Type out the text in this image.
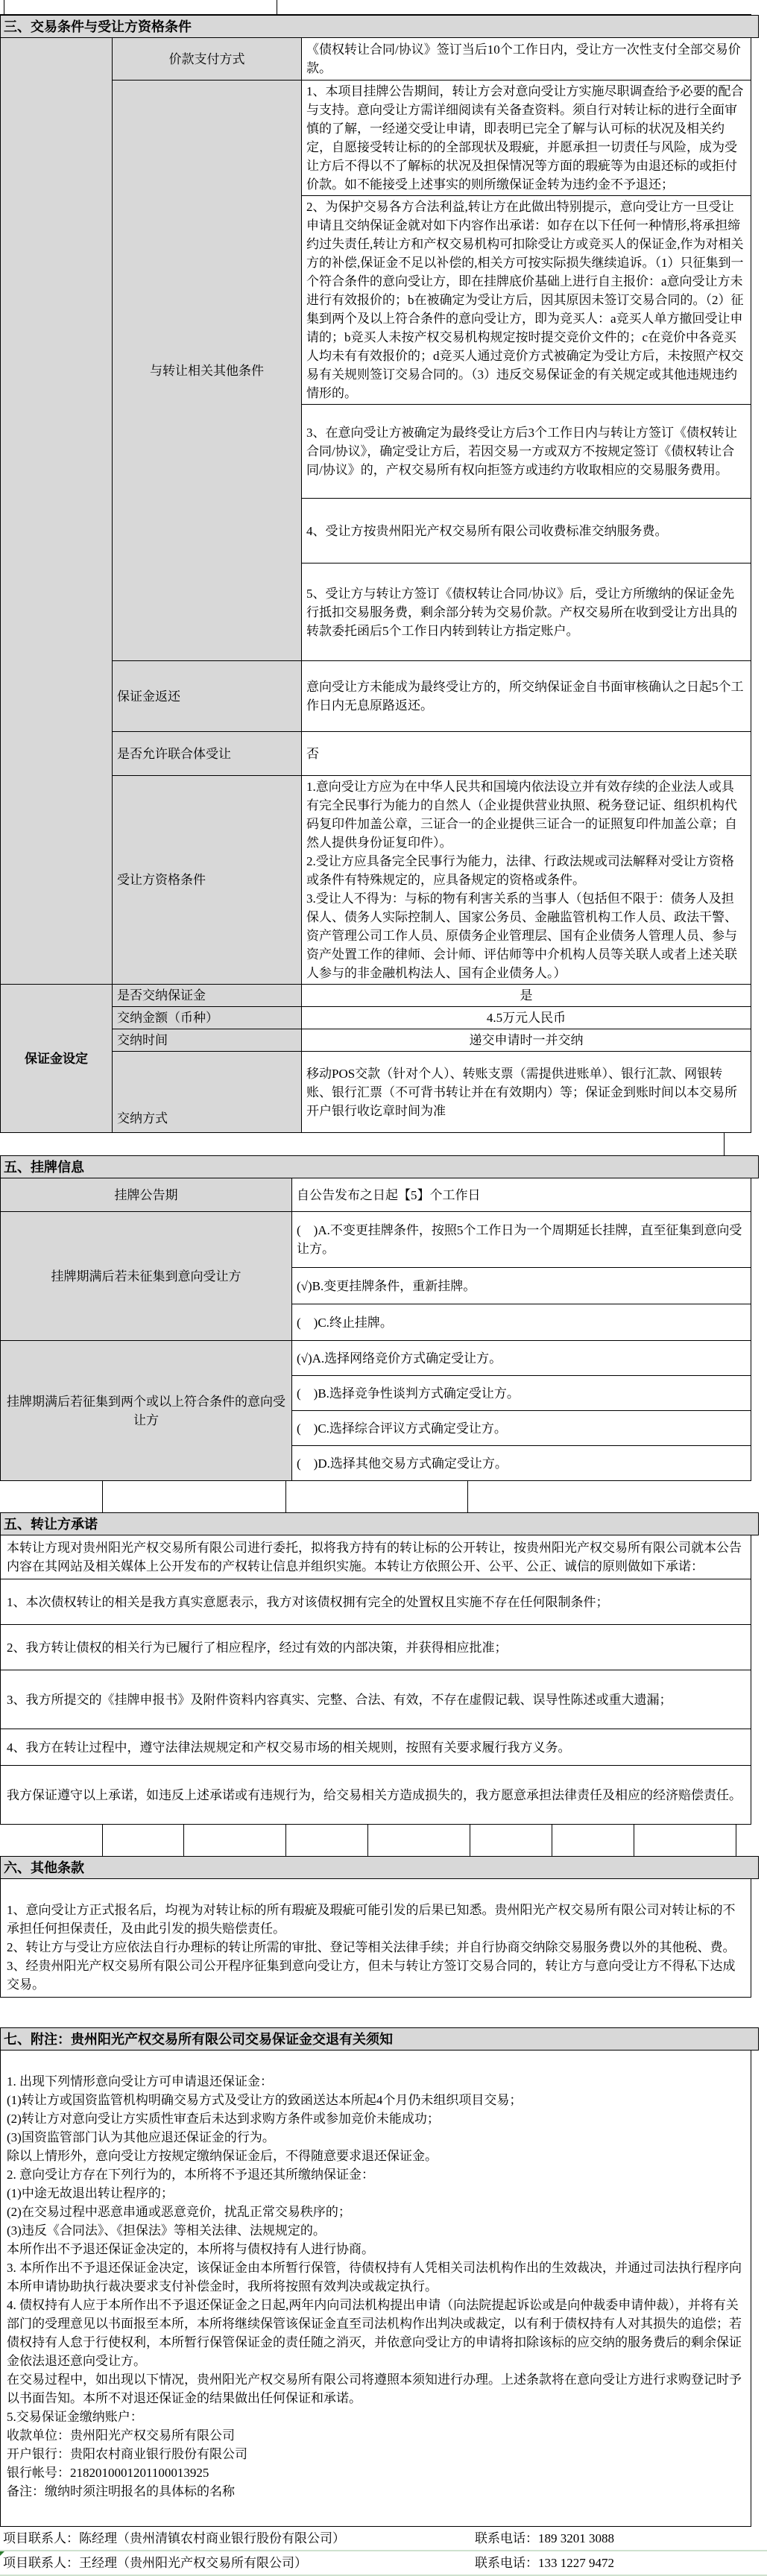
三、交易条件与受让方资格条件
	价款支付方式	《债权转让合同/协议》签订当后10个工作日内，受让方一次性支付全部交易价款。
	与转让相关其他条件	1、本项目挂牌公告期间，转让方会对意向受让方实施尽职调查给予必要的配合与支持。意向受让方需详细阅读有关备查资料。须自行对转让标的进行全面审慎的了解，一经递交受让申请，即表明已完全了解与认可标的状况及相关约定，自愿接受转让标的的全部现状及瑕疵，并愿承担一切责任与风险，成为受让方后不得以不了解标的状况及担保情况等方面的瑕疵等为由退还标的或拒付价款。如不能接受上述事实的则所缴保证金转为违约金不予退还；
		2、为保护交易各方合法利益,转让方在此做出特别提示，意向受让方一旦受让申请且交纳保证金就对如下内容作出承诺：如存在以下任何一种情形,将承担缔约过失责任,转让方和产权交易机构可扣除受让方或竞买人的保证金,作为对相关方的补偿,保证金不足以补偿的,相关方可按实际损失继续追诉。（1）只征集到一个符合条件的意向受让方，即在挂牌底价基础上进行自主报价：a意向受让方未进行有效报价的；b在被确定为受让方后，因其原因未签订交易合同的。（2）征集到两个及以上符合条件的意向受让方，即为竞买人：a竞买人单方撤回受让申请的；b竞买人未按产权交易机构规定按时提交竞价文件的；c在竞价中各竞买人均未有有效报价的；d竞买人通过竞价方式被确定为受让方后，未按照产权交易有关规则签订交易合同的。（3）违反交易保证金的有关规定或其他违规违约情形的。
		3、在意向受让方被确定为最终受让方后3个工作日内与转让方签订《债权转让合同/协议》，确定受让方后，若因交易一方或双方不按规定签订《债权转让合同/协议》的，产权交易所有权向拒签方或违约方收取相应的交易服务费用。
		4、受让方按贵州阳光产权交易所有限公司收费标准交纳服务费。
		5、受让方与转让方签订《债权转让合同/协议》后，受让方所缴纳的保证金先行抵扣交易服务费，剩余部分转为交易价款。产权交易所在收到受让方出具的转款委托函后5个工作日内转到转让方指定账户。
	保证金返还	意向受让方未能成为最终受让方的，所交纳保证金自书面审核确认之日起5个工作日内无息原路返还。
	是否允许联合体受让	否
	受让方资格条件	1.意向受让方应为在中华人民共和国境内依法设立并有效存续的企业法人或具有完全民事行为能力的自然人（企业提供营业执照、税务登记证、组织机构代码复印件加盖公章，三证合一的企业提供三证合一的证照复印件加盖公章；自然人提供身份证复印件）。
2.受让方应具备完全民事行为能力，法律、行政法规或司法解释对受让方资格或条件有特殊规定的，应具备规定的资格或条件。
3.受让人不得为：与标的物有利害关系的当事人（包括但不限于：债务人及担保人、债务人实际控制人、国家公务员、金融监管机构工作人员、政法干警、资产管理公司工作人员、原债务企业管理层、国有企业债务人管理人员、参与资产处置工作的律师、会计师、评估师等中介机构人员等关联人或者上述关联人参与的非金融机构法人、国有企业债务人。）

保证金设定	是否交纳保证金	是
	交纳金额（币种）	4.5万元人民币
	交纳时间	递交申请时一并交纳
	交纳方式	移动POS交款（针对个人）、转账支票（需提供进账单）、银行汇款、网银转账、银行汇票（不可背书转让并在有效期内）等；保证金到账时间以本交易所开户银行收讫章时间为准
五、挂牌信息
挂牌公告期	自公告发布之日起【5】个工作日
挂牌期满后若未征集到意向受让方	(　)A.不变更挂牌条件，按照5个工作日为一个周期延长挂牌，直至征集到意向受让方。
	(√)B.变更挂牌条件，重新挂牌。
	(　)C.终止挂牌。
挂牌期满后若征集到两个或以上符合条件的意向受让方	(√)A.选择网络竞价方式确定受让方。
	(　)B.选择竞争性谈判方式确定受让方。
	(　)C.选择综合评议方式确定受让方。
	(　)D.选择其他交易方式确定受让方。
五、转让方承诺
本转让方现对贵州阳光产权交易所有限公司进行委托，拟将我方持有的转让标的公开转让，按贵州阳光产权交易所有限公司就本公告内容在其网站及相关媒体上公开发布的产权转让信息并组织实施。本转让方依照公开、公平、公正、诚信的原则做如下承诺：
1、本次债权转让的相关是我方真实意愿表示，我方对该债权拥有完全的处置权且实施不存在任何限制条件；
2、我方转让债权的相关行为已履行了相应程序，经过有效的内部决策，并获得相应批准；
3、我方所提交的《挂牌申报书》及附件资料内容真实、完整、合法、有效，不存在虚假记载、误导性陈述或重大遗漏；
4、我方在转让过程中，遵守法律法规规定和产权交易市场的相关规则，按照有关要求履行我方义务。
我方保证遵守以上承诺，如违反上述承诺或有违规行为，给交易相关方造成损失的，我方愿意承担法律责任及相应的经济赔偿责任。
六、其他条款
1、意向受让方正式报名后，均视为对转让标的所有瑕疵及瑕疵可能引发的后果已知悉。贵州阳光产权交易所有限公司对转让标的不承担任何担保责任，及由此引发的损失赔偿责任。
2、转让方与受让方应依法自行办理标的转让所需的审批、登记等相关法律手续；并自行协商交纳除交易服务费以外的其他税、费。
3、经贵州阳光产权交易所有限公司公开程序征集到意向受让方，但未与转让方签订交易合同的，转让方与意向受让方不得私下达成交易。
七、附注：贵州阳光产权交易所有限公司交易保证金交退有关须知
1. 出现下列情形意向受让方可申请退还保证金：
(1)转让方或国资监管机构明确交易方式及受让方的致函送达本所起4个月仍未组织项目交易；
(2)转让方对意向受让方实质性审查后未达到求购方条件或参加竞价未能成功；
(3)国资监管部门认为其他应退还保证金的行为。
除以上情形外，意向受让方按规定缴纳保证金后，不得随意要求退还保证金。
2. 意向受让方存在下列行为的，本所将不予退还其所缴纳保证金：
(1)中途无故退出转让程序的；
(2)在交易过程中恶意串通或恶意竞价，扰乱正常交易秩序的；
(3)违反《合同法》、《担保法》等相关法律、法规规定的。
本所作出不予退还保证金决定的，本所将与债权持有人进行协商。
3. 本所作出不予退还保证金决定，该保证金由本所暂行保管，待债权持有人凭相关司法机构作出的生效裁决，并通过司法执行程序向本所申请协助执行裁决要求支付补偿金时，我所将按照有效判决或裁定执行。
4. 债权持有人应于本所作出不予退还保证金之日起,两年内向司法机构提出申请（向法院提起诉讼或是向仲裁委申请仲裁），并将有关部门的受理意见以书面报至本所，本所将继续保管该保证金直至司法机构作出判决或裁定，以有利于债权持有人对其损失的追偿；若债权持有人怠于行使权利，本所暂行保管保证金的责任随之消灭，并依意向受让方的申请将扣除该标的应交纳的服务费后的剩余保证金依法退还意向受让方。
在交易过程中，如出现以下情况，贵州阳光产权交易所有限公司将遵照本须知进行办理。上述条款将在意向受让方进行求购登记时予以书面告知。本所不对退还保证金的结果做出任何保证和承诺。
5.交易保证金缴纳账户：
收款单位：贵州阳光产权交易所有限公司
开户银行：贵阳农村商业银行股份有限公司
银行帐号：2182010001201100013925
备注：缴纳时须注明报名的具体标的名称
项目联系人：陈经理（贵州清镇农村商业银行股份有限公司）	联系电话：189 3201 3088
项目联系人：王经理（贵州阳光产权交易所有限公司）	联系电话：133 1227 9472
